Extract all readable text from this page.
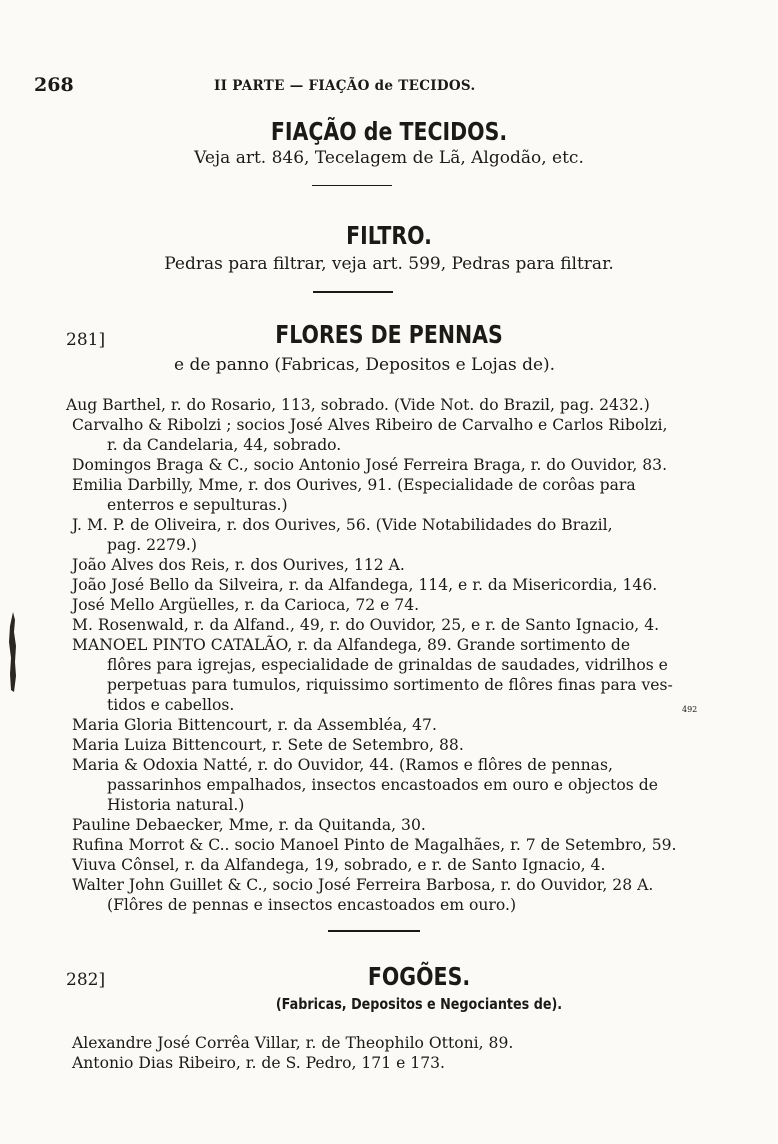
268	II PARTE — FIAÇÃO de TECIDOS.
FIAÇÃO de TECIDOS.
Veja art. 846, Tecelagem de Lã, Algodão, etc.
FILTRO.
Pedras para filtrar, veja art. 599, Pedras para filtrar.
281]	FLORES DE PENNAS
e de panno (Fabricas, Depositos e Lojas de).
Aug Barthel, r. do Rosario, 113, sobrado. (Vide Not. do Brazil, pag. 2432.)
Carvalho & Ribolzi ; socios José Alves Ribeiro de Carvalho e Carlos Ribolzi,
r. da Candelaria, 44, sobrado.
Domingos Braga & C., socio Antonio José Ferreira Braga, r. do Ouvidor, 83.
Emilia Darbilly, Mme, r. dos Ourives, 91. (Especialidade de corôas para
enterros e sepulturas.)
J. M. P. de Oliveira, r. dos Ourives, 56. (Vide Notabilidades do Brazil,
pag. 2279.)
João Alves dos Reis, r. dos Ourives, 112 A.
João José Bello da Silveira, r. da Alfandega, 114, e r. da Misericordia, 146.
José Mello Argüelles, r. da Carioca, 72 e 74.
M. Rosenwald, r. da Alfand., 49, r. do Ouvidor, 25, e r. de Santo Ignacio, 4.
MANOEL PINTO CATALÃO, r. da Alfandega, 89. Grande sortimento de
flôres para igrejas, especialidade de grinaldas de saudades, vidrilhos e
perpetuas para tumulos, riquissimo sortimento de flôres finas para ves-
tidos e cabellos.	492
Maria Gloria Bittencourt, r. da Assembléa, 47.
Maria Luiza Bittencourt, r. Sete de Setembro, 88.
Maria & Odoxia Natté, r. do Ouvidor, 44. (Ramos e flôres de pennas,
passarinhos empalhados, insectos encastoados em ouro e objectos de
Historia natural.)
Pauline Debaecker, Mme, r. da Quitanda, 30.
Rufina Morrot & C.. socio Manoel Pinto de Magalhães, r. 7 de Setembro, 59.
Viuva Cônsel, r. da Alfandega, 19, sobrado, e r. de Santo Ignacio, 4.
Walter John Guillet & C., socio José Ferreira Barbosa, r. do Ouvidor, 28 A.
(Flôres de pennas e insectos encastoados em ouro.)
282]	FOGÕES.
(Fabricas, Depositos e Negociantes de).
Alexandre José Corrêa Villar, r. de Theophilo Ottoni, 89.
Antonio Dias Ribeiro, r. de S. Pedro, 171 e 173.
